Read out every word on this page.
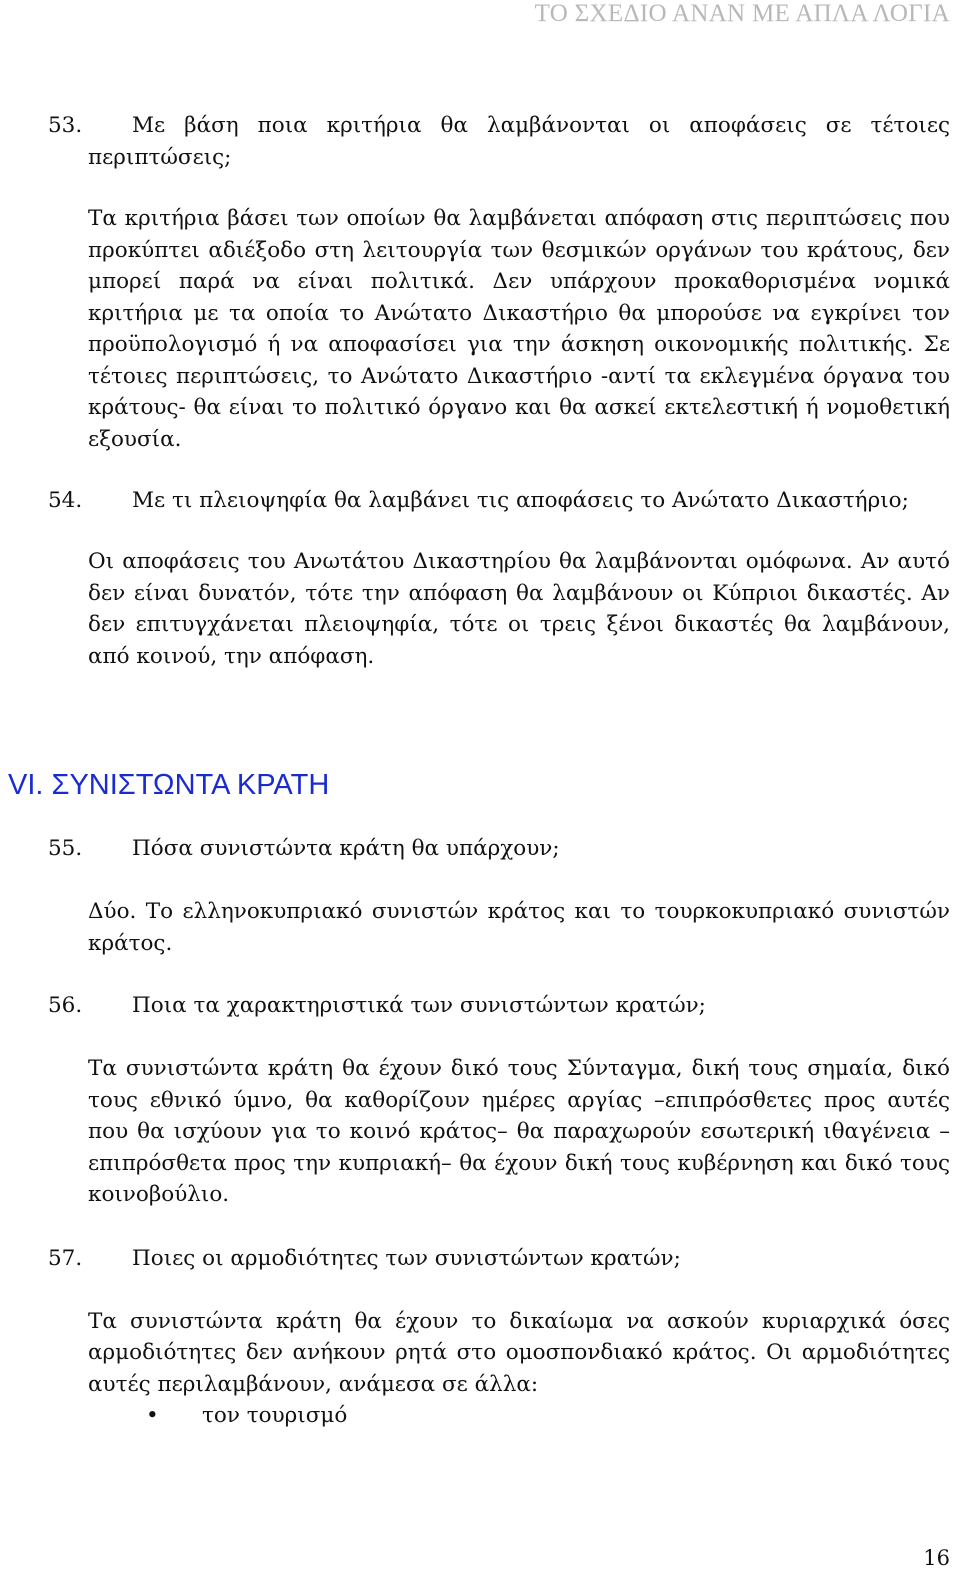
ΤΟ ΣΧΕΔΙΟ ΑΝΑΝ ΜΕ ΑΠΛΑ ΛΟΓΙΑ
53.	Με βάση ποια κριτήρια θα λαμβάνονται οι αποφάσεις σε τέτοιες περιπτώσεις;
Τα κριτήρια βάσει των οποίων θα λαμβάνεται απόφαση στις περιπτώσεις που προκύπτει αδιέξοδο στη λειτουργία των θεσμικών οργάνων του κράτους, δεν μπορεί παρά να είναι πολιτικά. Δεν υπάρχουν προκαθορισμένα νομικά κριτήρια με τα οποία το Ανώτατο Δικαστήριο θα μπορούσε να εγκρίνει τον προϋπολογισμό ή να αποφασίσει για την άσκηση οικονομικής πολιτικής. Σε τέτοιες περιπτώσεις, το Ανώτατο Δικαστήριο -αντί τα εκλεγμένα όργανα του κράτους- θα είναι το πολιτικό όργανο και θα ασκεί εκτελεστική ή νομοθετική εξουσία.
54.	Με τι πλειοψηφία θα λαμβάνει τις αποφάσεις το Ανώτατο Δικαστήριο;
Οι αποφάσεις του Ανωτάτου Δικαστηρίου θα λαμβάνονται ομόφωνα. Αν αυτό δεν είναι δυνατόν, τότε την απόφαση θα λαμβάνουν οι Κύπριοι δικαστές. Αν δεν επιτυγχάνεται πλειοψηφία, τότε οι τρεις ξένοι δικαστές θα λαμβάνουν, από κοινού, την απόφαση.
VI. ΣΥΝΙΣΤΩΝΤΑ ΚΡΑΤΗ
55.	Πόσα συνιστώντα κράτη θα υπάρχουν;
Δύο. Το ελληνοκυπριακό συνιστών κράτος και το τουρκοκυπριακό συνιστών κράτος.
56.	Ποια τα χαρακτηριστικά των συνιστώντων κρατών;
Τα συνιστώντα κράτη θα έχουν δικό τους Σύνταγμα, δική τους σημαία, δικό τους εθνικό ύμνο, θα καθορίζουν ημέρες αργίας –επιπρόσθετες προς αυτές που θα ισχύουν για το κοινό κράτος– θα παραχωρούν εσωτερική ιθαγένεια –επιπρόσθετα προς την κυπριακή– θα έχουν δική τους κυβέρνηση και δικό τους κοινοβούλιο.
57.	Ποιες οι αρμοδιότητες των συνιστώντων κρατών;
Τα συνιστώντα κράτη θα έχουν το δικαίωμα να ασκούν κυριαρχικά όσες αρμοδιότητες δεν ανήκουν ρητά στο ομοσπονδιακό κράτος. Οι αρμοδιότητες αυτές περιλαμβάνουν, ανάμεσα σε άλλα:
• τον τουρισμό
16
